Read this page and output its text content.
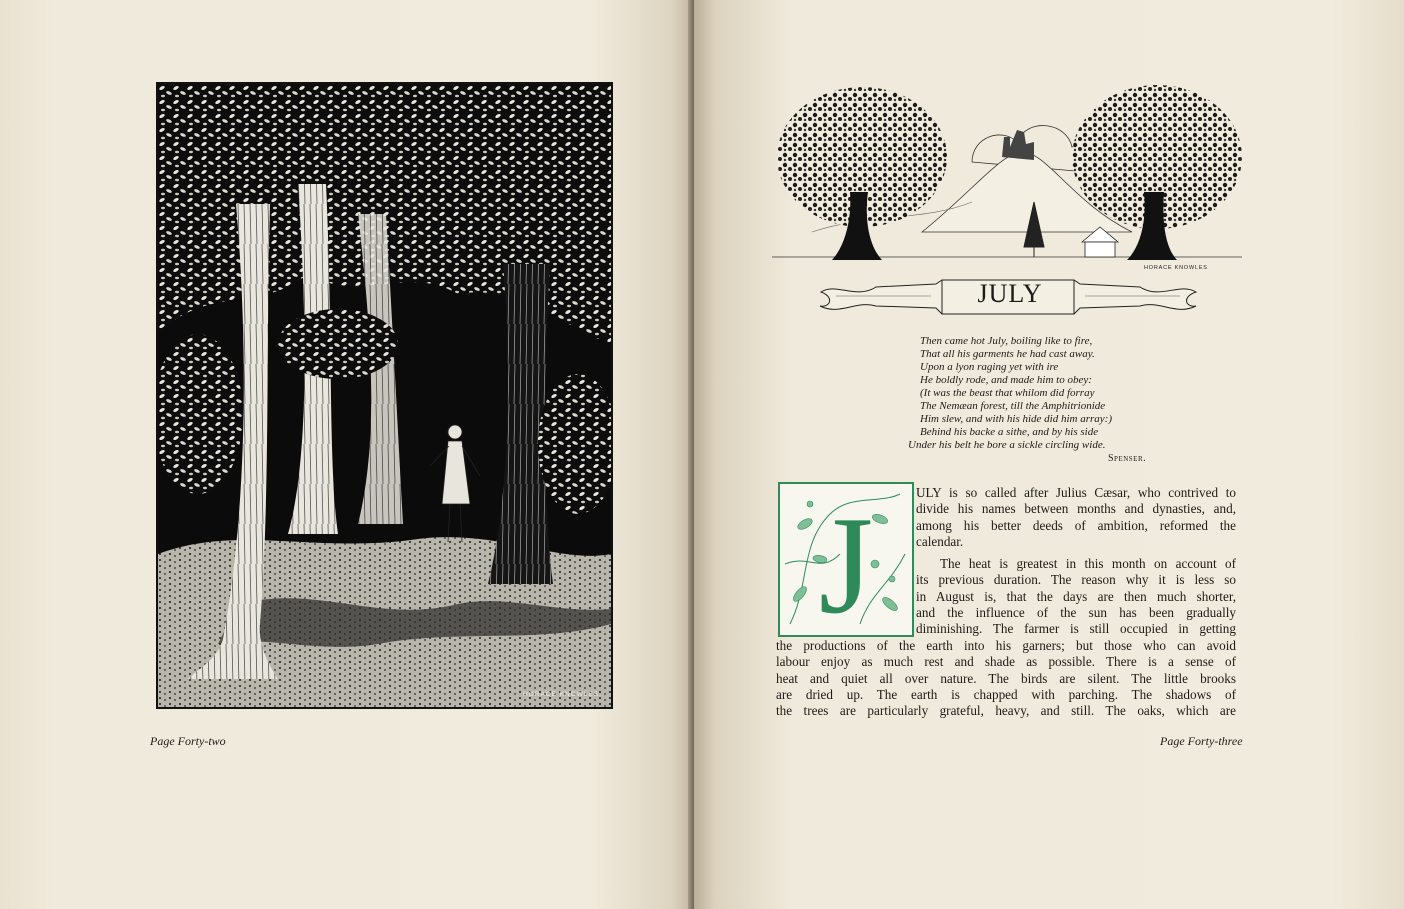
HORACE KNOWLES.
Page Forty-two
HORACE KNOWLES
JULY
Then came hot July, boiling like to fire,
That all his garments he had cast away.
Upon a lyon raging yet with ire
He boldly rode, and made him to obey:
(It was the beast that whilom did forray
The Nemæan forest, till the Amphitrionide
Him slew, and with his hide did him array:)
Behind his backe a sithe, and by his side
Under his belt he bore a sickle circling wide.
Spenser.
J	ULY is so called after Julius Cæsar, who contrived to
divide his names between months and dynasties, and,
among his better deeds of ambition, reformed the
calendar.
The heat is greatest in this month on account of
its previous duration. The reason why it is less so
in August is, that the days are then much shorter,
and the influence of the sun has been gradually
diminishing. The farmer is still occupied in getting
the productions of the earth into his garners; but those who can avoid
labour enjoy as much rest and shade as possible. There is a sense of
heat and quiet all over nature. The birds are silent. The little brooks
are dried up. The earth is chapped with parching. The shadows of
the trees are particularly grateful, heavy, and still. The oaks, which are
Page Forty-three
